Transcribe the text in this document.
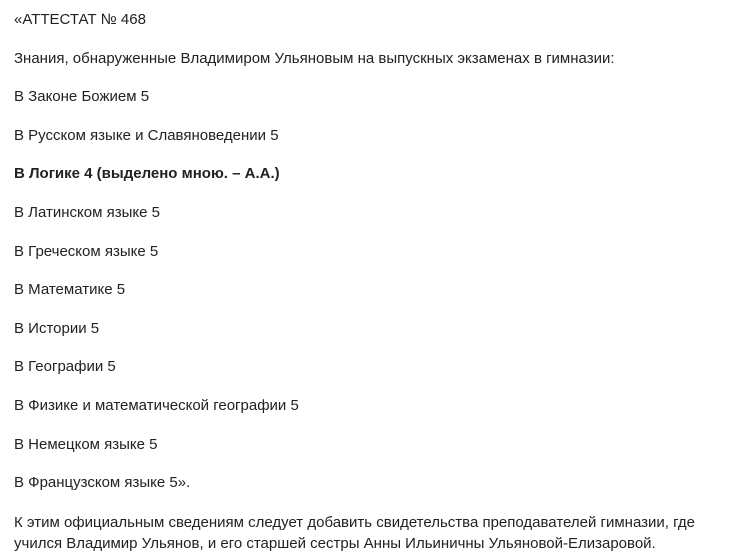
«АТТЕСТАТ № 468

Знания, обнаруженные Владимиром Ульяновым на выпускных экзаменах в гимназии:

В Законе Божием 5

В Русском языке и Славяноведении 5

В Логике 4 (выделено мною. – А.А.)

В Латинском языке 5

В Греческом языке 5

В Математике 5

В Истории 5

В Географии 5

В Физике и математической географии 5

В Немецком языке 5

В Французском языке 5».

К этим официальным сведениям следует добавить свидетельства преподавателей гимназии, где учился Владимир Ульянов, и его старшей сестры Анны Ильиничны Ульяновой-Елизаровой.
